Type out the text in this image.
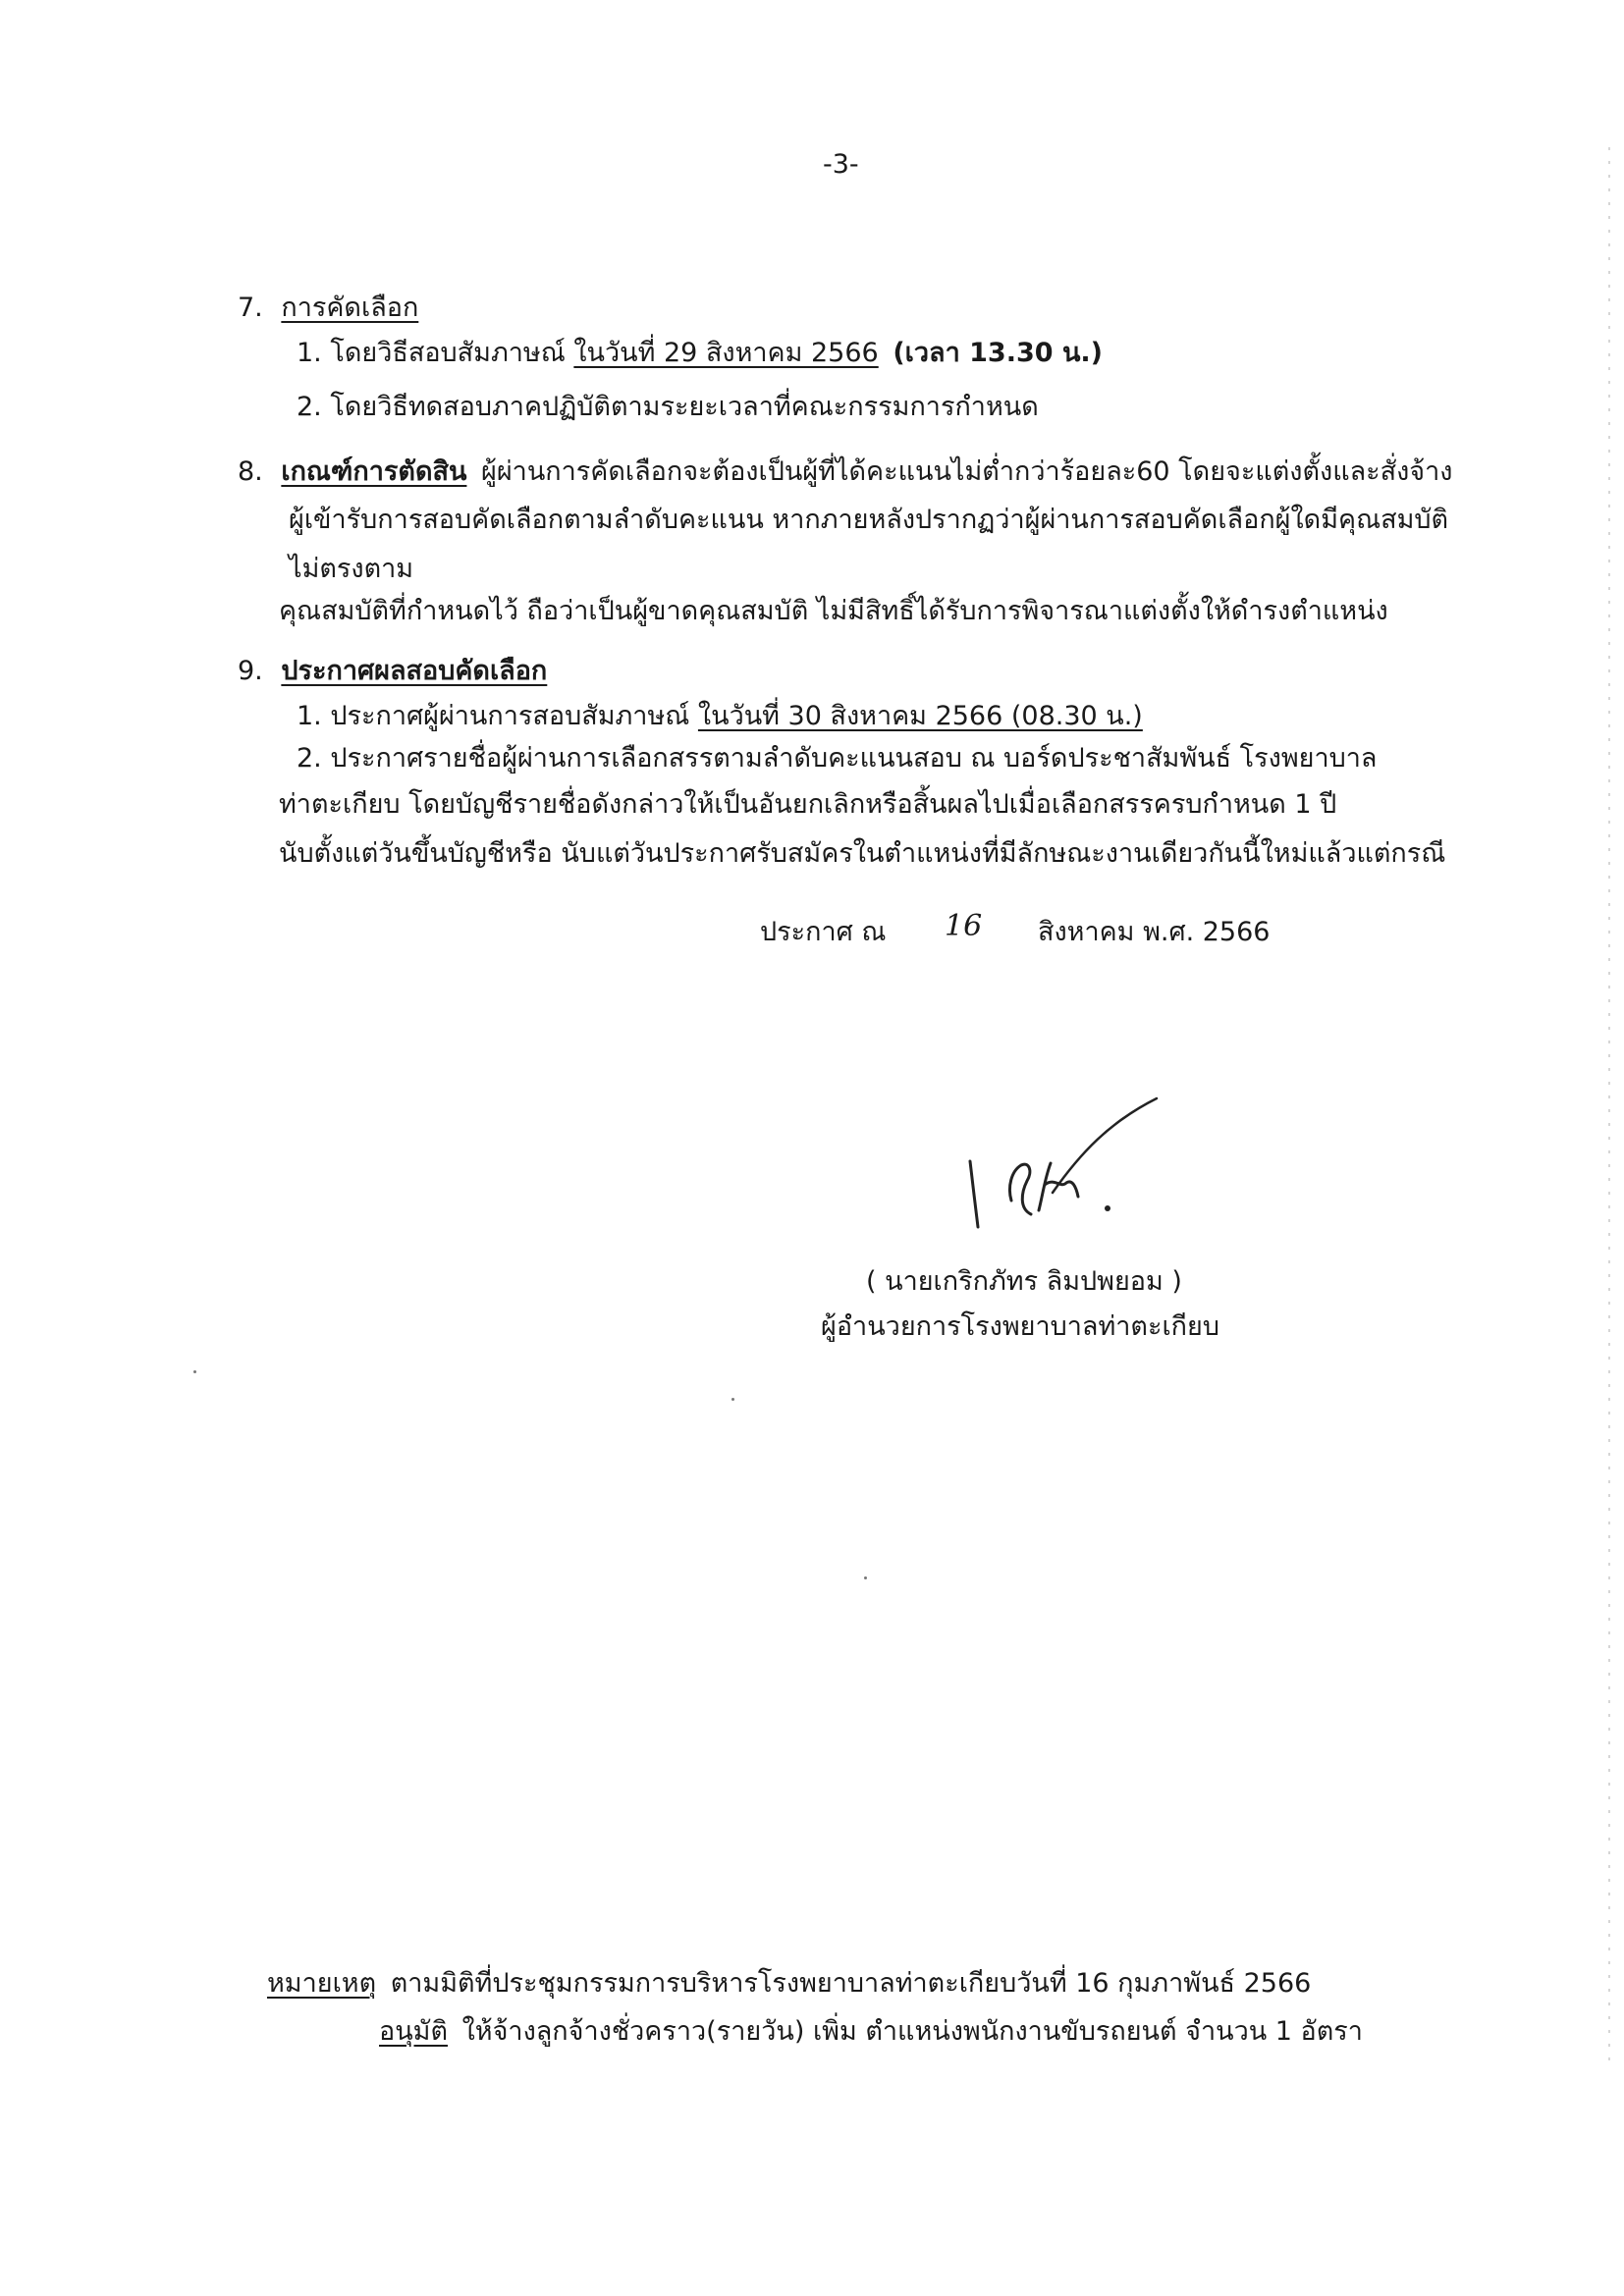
-3-
7. การคัดเลือก
1. โดยวิธีสอบสัมภาษณ์ ในวันที่ 29 สิงหาคม 2566 (เวลา 13.30 น.)
2. โดยวิธีทดสอบภาคปฏิบัติตามระยะเวลาที่คณะกรรมการกำหนด
8. เกณฑ์การตัดสิน ผู้ผ่านการคัดเลือกจะต้องเป็นผู้ที่ได้คะแนนไม่ต่ำกว่าร้อยละ60 โดยจะแต่งตั้งและสั่งจ้าง
ผู้เข้ารับการสอบคัดเลือกตามลำดับคะแนน หากภายหลังปรากฏว่าผู้ผ่านการสอบคัดเลือกผู้ใดมีคุณสมบัติ
ไม่ตรงตาม
คุณสมบัติที่กำหนดไว้ ถือว่าเป็นผู้ขาดคุณสมบัติ ไม่มีสิทธิ์ได้รับการพิจารณาแต่งตั้งให้ดำรงตำแหน่ง
9. ประกาศผลสอบคัดเลือก
1. ประกาศผู้ผ่านการสอบสัมภาษณ์ ในวันที่ 30 สิงหาคม 2566 (08.30 น.)
2. ประกาศรายชื่อผู้ผ่านการเลือกสรรตามลำดับคะแนนสอบ ณ บอร์ดประชาสัมพันธ์ โรงพยาบาล
ท่าตะเกียบ โดยบัญชีรายชื่อดังกล่าวให้เป็นอันยกเลิกหรือสิ้นผลไปเมื่อเลือกสรรครบกำหนด 1 ปี
นับตั้งแต่วันขึ้นบัญชีหรือ นับแต่วันประกาศรับสมัครในตำแหน่งที่มีลักษณะงานเดียวกันนี้ใหม่แล้วแต่กรณี
ประกาศ ณ 16 สิงหาคม พ.ศ. 2566
( นายเกริกภัทร ลิมปพยอม )
ผู้อำนวยการโรงพยาบาลท่าตะเกียบ
หมายเหตุ ตามมิติที่ประชุมกรรมการบริหารโรงพยาบาลท่าตะเกียบวันที่ 16 กุมภาพันธ์ 2566
อนุมัติ ให้จ้างลูกจ้างชั่วคราว(รายวัน) เพิ่ม ตำแหน่งพนักงานขับรถยนต์ จำนวน 1 อัตรา
